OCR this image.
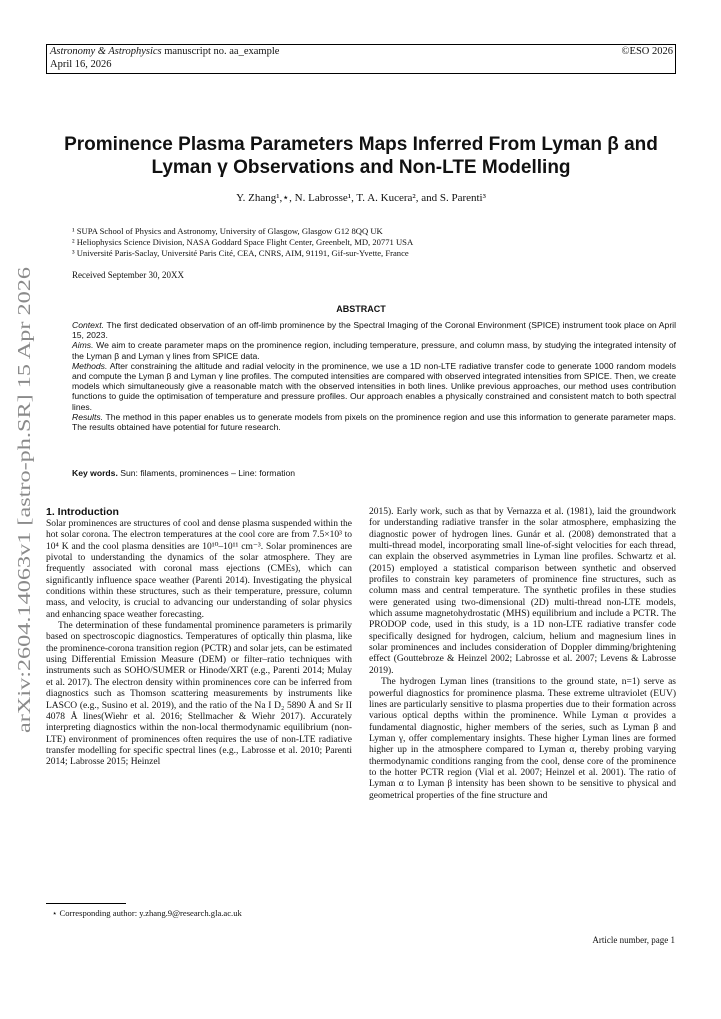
Astronomy & Astrophysics manuscript no. aa_example
April 16, 2026
©ESO 2026
Prominence Plasma Parameters Maps Inferred From Lyman β and
Lyman γ Observations and Non-LTE Modelling
Y. Zhang¹,⋆, N. Labrosse¹, T. A. Kucera², and S. Parenti³
¹ SUPA School of Physics and Astronomy, University of Glasgow, Glasgow G12 8QQ UK
² Heliophysics Science Division, NASA Goddard Space Flight Center, Greenbelt, MD, 20771 USA
³ Université Paris-Saclay, Université Paris Cité, CEA, CNRS, AIM, 91191, Gif-sur-Yvette, France
Received September 30, 20XX
ABSTRACT

Context. The first dedicated observation of an off-limb prominence by the Spectral Imaging of the Coronal Environment (SPICE) instrument took place on April 15, 2023.

Aims. We aim to create parameter maps on the prominence region, including temperature, pressure, and column mass, by studying the integrated intensity of the Lyman β and Lyman γ lines from SPICE data.

Methods. After constraining the altitude and radial velocity in the prominence, we use a 1D non-LTE radiative transfer code to generate 1000 random models and compute the Lyman β and Lyman γ line profiles. The computed intensities are compared with observed integrated intensities from SPICE. Then, we create models which simultaneously give a reasonable match with the observed intensities in both lines. Unlike previous approaches, our method uses contribution functions to guide the optimisation of temperature and pressure profiles. Our approach enables a physically constrained and consistent match to both spectral lines.

Results. The method in this paper enables us to generate models from pixels on the prominence region and use this information to generate parameter maps. The results obtained have potential for future research.

Key words. Sun: filaments, prominences – Line: formation
arXiv:2604.14063v1 [astro-ph.SR] 15 Apr 2026 1. Introduction

Solar prominences are structures of cool and dense plasma suspended within the hot solar corona. The electron temperatures at the cool core are from 7.5×10³ to 10⁴ K and the cool plasma densities are 10¹⁰–10¹¹ cm⁻³. Solar prominences are pivotal to understanding the dynamics of the solar atmosphere. They are frequently associated with coronal mass ejections (CMEs), which can significantly influence space weather (Parenti 2014). Investigating the physical conditions within these structures, such as their temperature, pressure, column mass, and velocity, is crucial to advancing our understanding of solar physics and enhancing space weather forecasting.

The determination of these fundamental prominence parameters is primarily based on spectroscopic diagnostics. Temperatures of optically thin plasma, like the prominence-corona transition region (PCTR) and solar jets, can be estimated using Differential Emission Measure (DEM) or filter–ratio techniques with instruments such as SOHO/SUMER or Hinode/XRT (e.g., Parenti 2014; Mulay et al. 2017). The electron density within prominences core can be inferred from diagnostics such as Thomson scattering measurements by instruments like LASCO (e.g., Susino et al. 2019), and the ratio of the Na I D₂ 5890 Å and Sr II 4078 Å lines(Wiehr et al. 2016; Stellmacher & Wiehr 2017). Accurately interpreting diagnostics within the non-local thermodynamic equilibrium (non-LTE) environment of prominences often requires the use of non-LTE radiative transfer modelling for specific spectral lines (e.g., Labrosse et al. 2010; Parenti 2014; Labrosse 2015; Heinzel

2015). Early work, such as that by Vernazza et al. (1981), laid the groundwork for understanding radiative transfer in the solar atmosphere, emphasizing the diagnostic power of hydrogen lines. Gunár et al. (2008) demonstrated that a multi-thread model, incorporating small line-of-sight velocities for each thread, can explain the observed asymmetries in Lyman line profiles. Schwartz et al. (2015) employed a statistical comparison between synthetic and observed profiles to constrain key parameters of prominence fine structures, such as column mass and central temperature. The synthetic profiles in these studies were generated using two-dimensional (2D) multi-thread non-LTE models, which assume magnetohydrostatic (MHS) equilibrium and include a PCTR. The PRODOP code, used in this study, is a 1D non-LTE radiative transfer code specifically designed for hydrogen, calcium, helium and magnesium lines in solar prominences and includes consideration of Doppler dimming/brightening effect (Gouttebroze & Heinzel 2002; Labrosse et al. 2007; Levens & Labrosse 2019).

The hydrogen Lyman lines (transitions to the ground state, n=1) serve as powerful diagnostics for prominence plasma. These extreme ultraviolet (EUV) lines are particularly sensitive to plasma properties due to their formation across various optical depths within the prominence. While Lyman α provides a fundamental diagnostic, higher members of the series, such as Lyman β and Lyman γ, offer complementary insights. These higher Lyman lines are formed higher up in the atmosphere compared to Lyman α, thereby probing varying thermodynamic conditions ranging from the cool, dense core of the prominence to the hotter PCTR region (Vial et al. 2007; Heinzel et al. 2001). The ratio of Lyman α to Lyman β intensity has been shown to be sensitive to physical and geometrical properties of the fine structure and

⋆ Corresponding author: y.zhang.9@research.gla.ac.uk
Article number, page 1
